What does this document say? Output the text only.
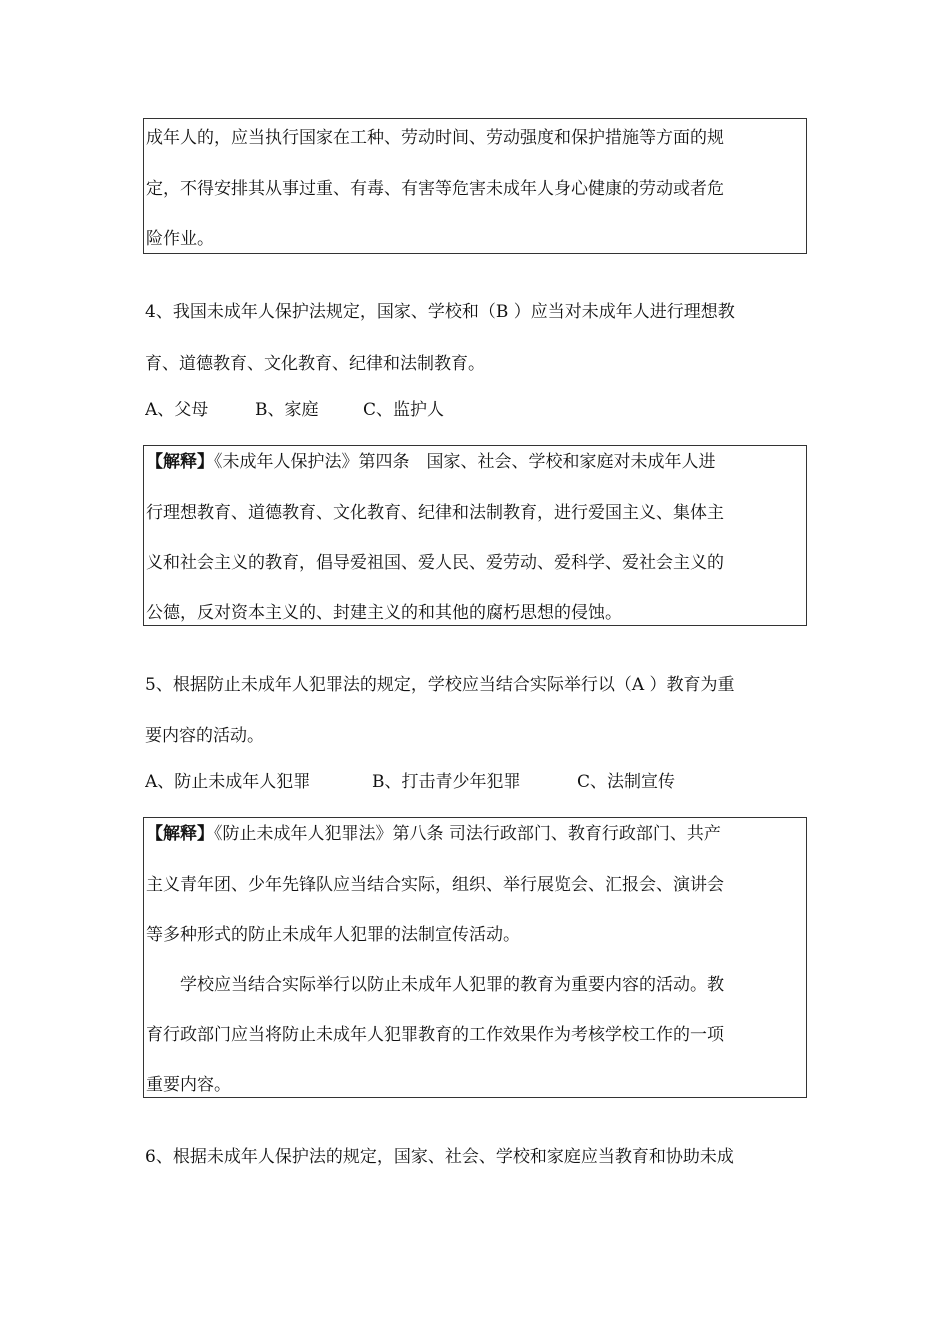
成年人的，应当执行国家在工种、劳动时间、劳动强度和保护措施等方面的规
定，不得安排其从事过重、有毒、有害等危害未成年人身心健康的劳动或者危
险作业。
4、我国未成年人保护法规定，国家、学校和（B ）应当对未成年人进行理想教
育、道德教育、文化教育、纪律和法制教育。
A、父母	B、家庭	C、监护人
【解释】《未成年人保护法》第四条　国家、社会、学校和家庭对未成年人进
行理想教育、道德教育、文化教育、纪律和法制教育，进行爱国主义、集体主
义和社会主义的教育，倡导爱祖国、爱人民、爱劳动、爱科学、爱社会主义的
公德，反对资本主义的、封建主义的和其他的腐朽思想的侵蚀。
5、根据防止未成年人犯罪法的规定，学校应当结合实际举行以（A ）教育为重
要内容的活动。
A、防止未成年人犯罪	B、打击青少年犯罪	C、法制宣传
【解释】《防止未成年人犯罪法》第八条 司法行政部门、教育行政部门、共产
主义青年团、少年先锋队应当结合实际，组织、举行展览会、汇报会、演讲会
等多种形式的防止未成年人犯罪的法制宣传活动。
　　学校应当结合实际举行以防止未成年人犯罪的教育为重要内容的活动。教
育行政部门应当将防止未成年人犯罪教育的工作效果作为考核学校工作的一项
重要内容。
6、根据未成年人保护法的规定，国家、社会、学校和家庭应当教育和协助未成
